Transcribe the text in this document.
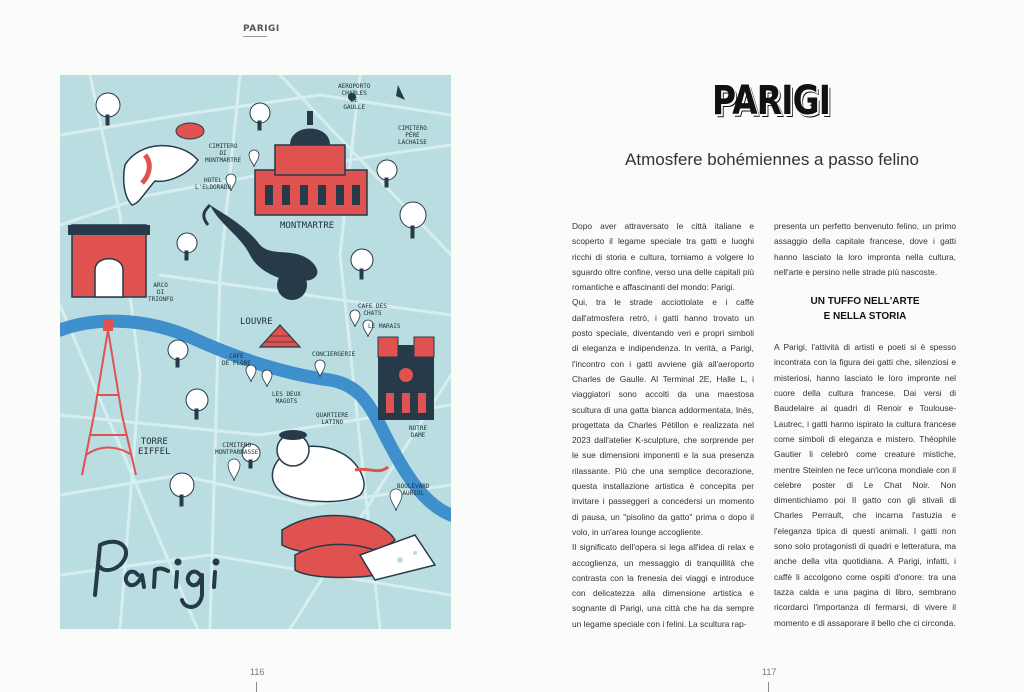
PARIGI
AEROPORTO
CHARLES
LE
GAULLE
CIMITERO
PÈRE
LACHAISE
CIMITERO
DI
MONTMARTRE
HOTEL
L'ELDORADO
MONTMARTRE
ARCO
DI
TRIONFO
CAFE DES
CHATS
LOUVRE	LE MARAIS
CONCIERGERIE
CAFE
DE FLORE
LES DEUX
MAGOTS
QUARTIERE
LATINO
NOTRE
DAME
TORRE
EIFFEL
CIMITERO
MONTPARNASSE
BOULEVARD
AURIOL
116
PARIGI
Atmosfere bohémiennes a passo felino

Dopo aver attraversato le città italiane e scoperto il legame speciale tra gatti e luoghi ricchi di storia e cultura, torniamo a volgere lo sguardo oltre confine, verso una delle capitali più romantiche e affascinanti del mondo: Parigi.

Qui, tra le strade acciottolate e i caffè dall'atmosfera retrò, i gatti hanno trovato un posto speciale, diventando veri e propri simboli di eleganza e indipendenza. In verità, a Parigi, l'incontro con i gatti avviene già all'aeroporto Charles de Gaulle. Al Terminal 2E, Halle L, i viaggiatori sono accolti da una maestosa scultura di una gatta bianca addormentata, Inès, progettata da Charles Pétillon e realizzata nel 2023 dall'atelier K-sculpture, che sorprende per le sue dimensioni imponenti e la sua presenza rilassante. Più che una semplice decorazione, questa installazione artistica è concepita per invitare i passeggeri a concedersi un momento di pausa, un "pisolino da gatto" prima o dopo il volo, in un'area lounge accogliente.

Il significato dell'opera si lega all'idea di relax e accoglienza, un messaggio di tranquillità che contrasta con la frenesia dei viaggi e introduce con delicatezza alla dimensione artistica e sognante di Parigi, una città che ha da sempre un legame speciale con i felini. La scultura rap-

presenta un perfetto benvenuto felino, un primo assaggio della capitale francese, dove i gatti hanno lasciato la loro impronta nella cultura, nell'arte e persino nelle strade più nascoste.

UN TUFFO NELL'ARTE
E NELLA STORIA

A Parigi, l'attività di artisti e poeti si è spesso incontrata con la figura dei gatti che, silenziosi e misteriosi, hanno lasciato le loro impronte nel cuore della cultura francese. Dai versi di Baudelaire ai quadri di Renoir e Toulouse-Lautrec, i gatti hanno ispirato la cultura francese come simboli di eleganza e mistero. Théophile Gautier li celebrò come creature mistiche, mentre Steinlen ne fece un'icona mondiale con il celebre poster di Le Chat Noir. Non dimentichiamo poi Il gatto con gli stivali di Charles Perrault, che incarna l'astuzia e l'eleganza tipica di questi animali. I gatti non sono solo protagonisti di quadri e letteratura, ma anche della vita quotidiana. A Parigi, infatti, i caffè li accolgono come ospiti d'onore: tra una tazza calda e una pagina di libro, sembrano ricordarci l'importanza di fermarsi, di vivere il momento e di assaporare il bello che ci circonda.

117
